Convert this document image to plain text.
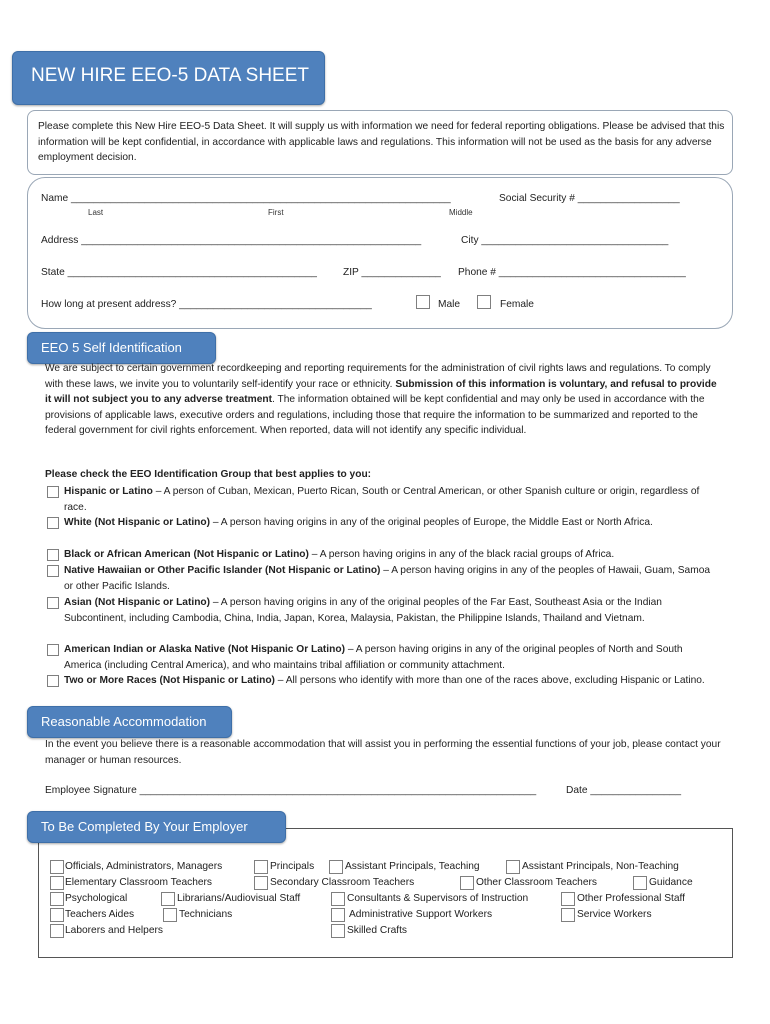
NEW HIRE EEO-5 DATA SHEET
Please complete this New Hire EEO-5 Data Sheet. It will supply us with information we need for federal reporting obligations. Please be advised that this information will be kept confidential, in accordance with applicable laws and regulations. This information will not be used as the basis for any adverse employment decision.
Name ___________________________________________________________________	Social Security # __________________
Last	First	Middle
Address ____________________________________________________________	City _________________________________
State ____________________________________________	ZIP ______________ Phone # _________________________________
How long at present address? __________________________________	Male	Female
EEO 5 Self Identification
We are subject to certain government recordkeeping and reporting requirements for the administration of civil rights laws and regulations. To comply with these laws, we invite you to voluntarily self-identify your race or ethnicity. Submission of this information is voluntary, and refusal to provide it will not subject you to any adverse treatment. The information obtained will be kept confidential and may only be used in accordance with the provisions of applicable laws, executive orders and regulations, including those that require the information to be summarized and reported to the federal government for civil rights enforcement. When reported, data will not identify any specific individual.
Please check the EEO Identification Group that best applies to you:
Hispanic or Latino – A person of Cuban, Mexican, Puerto Rican, South or Central American, or other Spanish culture or origin, regardless of race.
White (Not Hispanic or Latino) – A person having origins in any of the original peoples of Europe, the Middle East or North Africa.
Black or African American (Not Hispanic or Latino) – A person having origins in any of the black racial groups of Africa.
Native Hawaiian or Other Pacific Islander (Not Hispanic or Latino) – A person having origins in any of the peoples of Hawaii, Guam, Samoa or other Pacific Islands.
Asian (Not Hispanic or Latino) – A person having origins in any of the original peoples of the Far East, Southeast Asia or the Indian Subcontinent, including Cambodia, China, India, Japan, Korea, Malaysia, Pakistan, the Philippine Islands, Thailand and Vietnam.
American Indian or Alaska Native (Not Hispanic Or Latino) – A person having origins in any of the original peoples of North and South America (including Central America), and who maintains tribal affiliation or community attachment.
Two or More Races (Not Hispanic or Latino) – All persons who identify with more than one of the races above, excluding Hispanic or Latino.
Reasonable Accommodation
In the event you believe there is a reasonable accommodation that will assist you in performing the essential functions of your job, please contact your manager or human resources.
Employee Signature ______________________________________________________________________	Date ________________
To Be Completed By Your Employer
Officials, Administrators, Managers	Principals	Assistant Principals, Teaching	Assistant Principals, Non-Teaching
Elementary Classroom Teachers	Secondary Classroom Teachers	Other Classroom Teachers	Guidance
Psychological	Librarians/Audiovisual Staff	Consultants & Supervisors of Instruction	Other Professional Staff
Teachers Aides	Technicians	Administrative Support Workers	Service Workers
Laborers and Helpers	Skilled Crafts
